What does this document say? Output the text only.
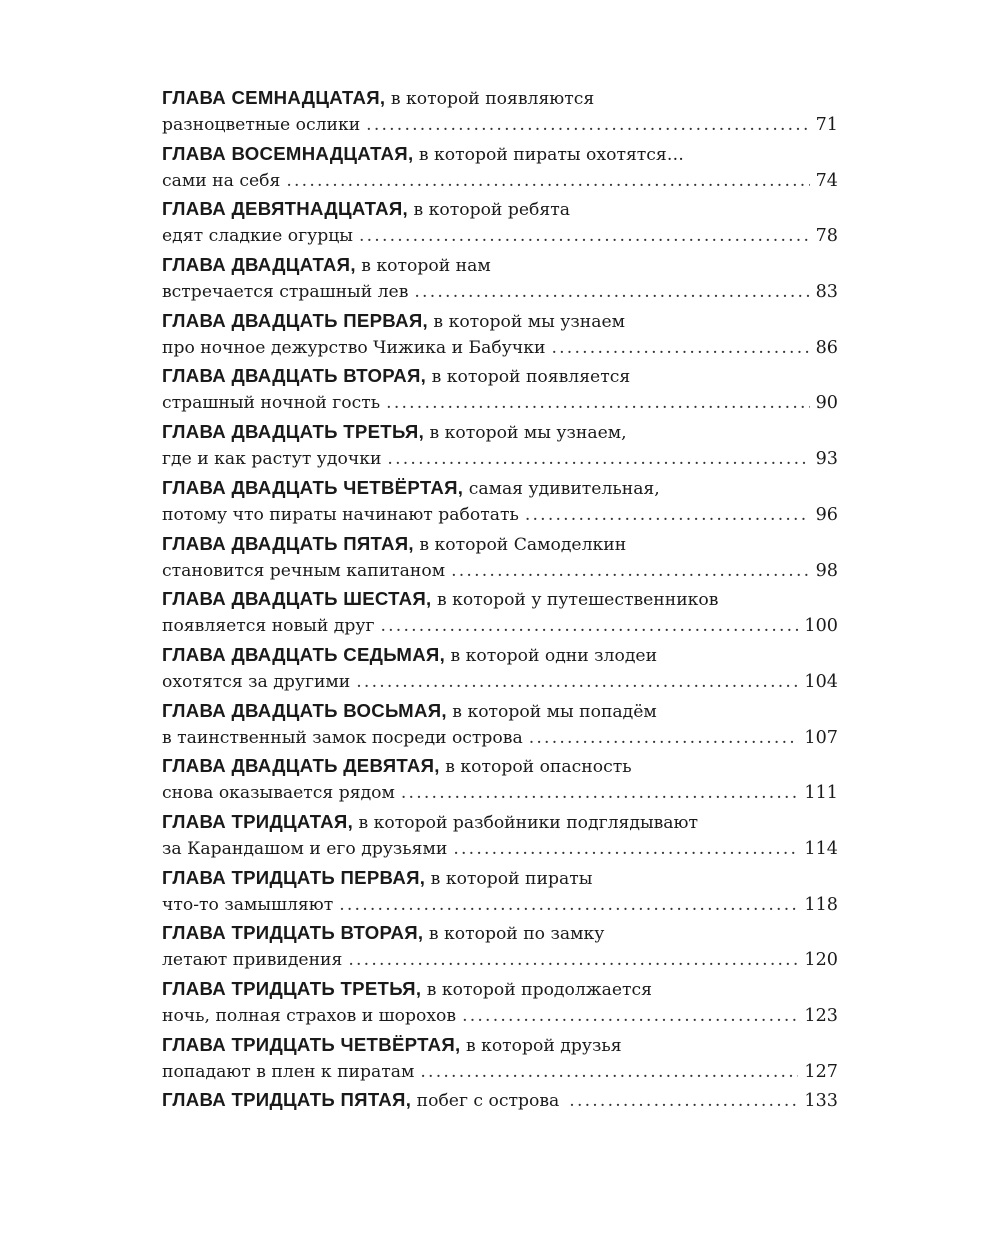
ГЛАВА СЕМНАДЦАТАЯ, в которой появляются
разноцветные ослики .....	71
ГЛАВА ВОСЕМНАДЦАТАЯ, в которой пираты охотятся…
сами на себя .....	74
ГЛАВА ДЕВЯТНАДЦАТАЯ, в которой ребята
едят сладкие огурцы .....	78
ГЛАВА ДВАДЦАТАЯ, в которой нам
встречается страшный лев .....	83
ГЛАВА ДВАДЦАТЬ ПЕРВАЯ, в которой мы узнаем
про ночное дежурство Чижика и Бабучки .....	86
ГЛАВА ДВАДЦАТЬ ВТОРАЯ, в которой появляется
страшный ночной гость .....	90
ГЛАВА ДВАДЦАТЬ ТРЕТЬЯ, в которой мы узнаем,
где и как растут удочки .....	93
ГЛАВА ДВАДЦАТЬ ЧЕТВЁРТАЯ, самая удивительная,
потому что пираты начинают работать .....	96
ГЛАВА ДВАДЦАТЬ ПЯТАЯ, в которой Самоделкин
становится речным капитаном .....	98
ГЛАВА ДВАДЦАТЬ ШЕСТАЯ, в которой у путешественников
появляется новый друг .....	100
ГЛАВА ДВАДЦАТЬ СЕДЬМАЯ, в которой одни злодеи
охотятся за другими .....	104
ГЛАВА ДВАДЦАТЬ ВОСЬМАЯ, в которой мы попадём
в таинственный замок посреди острова .....	107
ГЛАВА ДВАДЦАТЬ ДЕВЯТАЯ, в которой опасность
снова оказывается рядом .....	111
ГЛАВА ТРИДЦАТАЯ, в которой разбойники подглядывают
за Карандашом и его друзьями .....	114
ГЛАВА ТРИДЦАТЬ ПЕРВАЯ, в которой пираты
что-то замышляют .....	118
ГЛАВА ТРИДЦАТЬ ВТОРАЯ, в которой по замку
летают привидения .....	120
ГЛАВА ТРИДЦАТЬ ТРЕТЬЯ, в которой продолжается
ночь, полная страхов и шорохов .....	123
ГЛАВА ТРИДЦАТЬ ЧЕТВЁРТАЯ, в которой друзья
попадают в плен к пиратам .....	127
ГЛАВА ТРИДЦАТЬ ПЯТАЯ, побег с острова .....	133
